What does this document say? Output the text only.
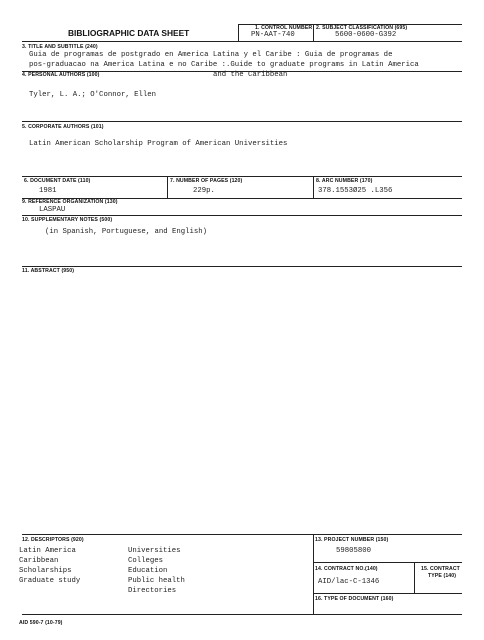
BIBLIOGRAPHIC DATA SHEET	1. CONTROL NUMBER
PN-AAT-740
2. SUBJECT CLASSIFICATION (695)
5600-0600-G392
3. TITLE AND SUBTITLE (240)
Guia de programas de postgrado en America Latina y el Caribe : Guia de programas de
pos-graduacao na America Latina e no Caribe :.Guide to graduate programs in Latin America
4. PERSONAL AUTHORS (100)	and the Caribbean
Tyler, L. A.; O'Connor, Ellen
5. CORPORATE AUTHORS (101)
Latin American Scholarship Program of American Universities
6. DOCUMENT DATE (110)
1981
7. NUMBER OF PAGES (120)
229p.
8. ARC NUMBER (170)
378.1553Ø25 .L356
9. REFERENCE ORGANIZATION (130)
LASPAU
10. SUPPLEMENTARY NOTES (500)
(in Spanish, Portuguese, and English)
11. ABSTRACT (950)
12. DESCRIPTORS (920)
Latin America
Caribbean
Scholarships
Graduate study
Universities
Colleges
Education
Public health
Directories
13. PROJECT NUMBER (150)
59805800
14. CONTRACT NO.(140)
AID/lac-C-1346
15. CONTRACT
TYPE (140)
16. TYPE OF DOCUMENT (160)
AID 590-7 (10-79)
